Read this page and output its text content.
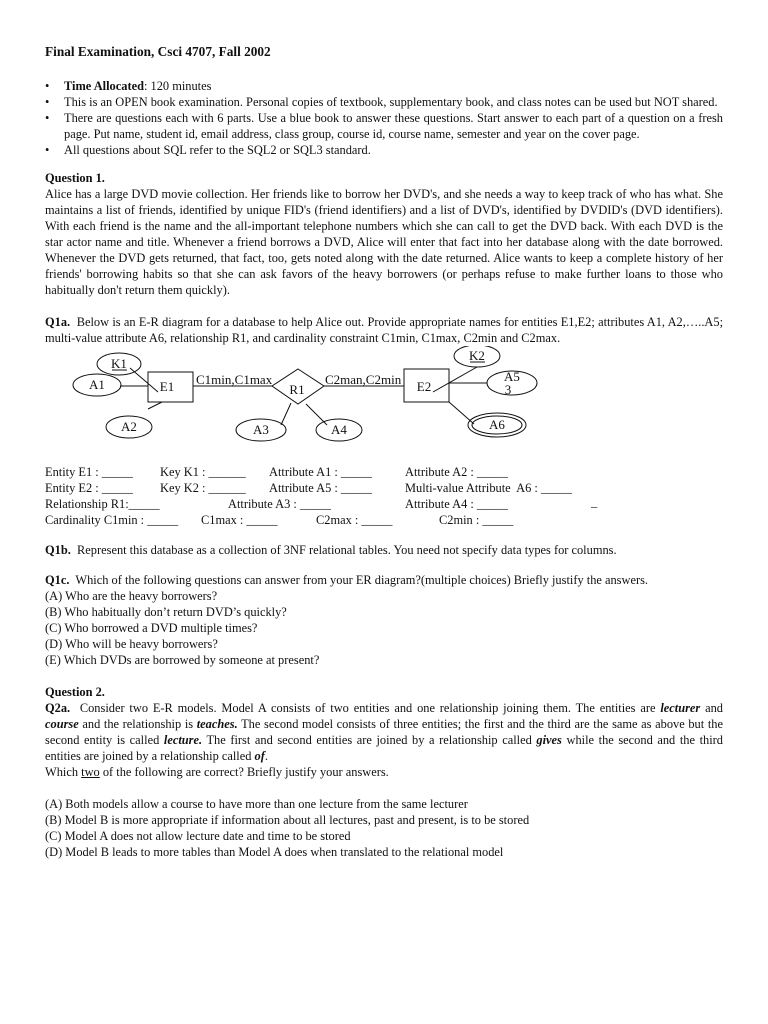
Final Examination, Csci 4707, Fall 2002
• Time Allocated: 120 minutes
• This is an OPEN book examination. Personal copies of textbook, supplementary book, and class notes can be used but NOT shared.
• There are questions each with 6 parts. Use a blue book to answer these questions. Start answer to each part of a question on a fresh page. Put name, student id, email address, class group, course id, course name, semester and year on the cover page.
• All questions about SQL refer to the SQL2 or SQL3 standard.
Question 1.

Alice has a large DVD movie collection. Her friends like to borrow her DVD's, and she needs a way to keep track of who has what. She maintains a list of friends, identified by unique FID's (friend identifiers) and a list of DVD's, identified by DVDID's (DVD identifiers). With each friend is the name and the all-important telephone numbers which she can call to get the DVD back. With each DVD is the star actor name and title. Whenever a friend borrows a DVD, Alice will enter that fact into her database along with the date borrowed. Whenever the DVD gets returned, that fact, too, gets noted along with the date returned. Alice wants to keep a complete history of her friends' borrowing habits so that she can ask favors of the heavy borrowers (or perhaps refuse to make further loans to those who habitually don't return them quickly).

Q1a. Below is an E-R diagram for a database to help Alice out. Provide appropriate names for entities E1,E2; attributes A1, A2,…..A5; multi-value attribute A6, relationship R1, and cardinality constraint C1min, C1max, C2min and C2max.

K1
A1
A2
E1 C1min,C1max
R1
C2man,C2min
A3	A4
E2
K2
A5
3
A6
Entity E1 : _____ Key K1 : ______ Attribute A1 : _____	Attribute A2 : _____
Entity E2 : _____ Key K2 : ______ Attribute A5 : _____	Multi-value Attribute  A6 : _____
Relationship R1:_____	Attribute A3 : _____	Attribute A4 : _____	_
Cardinality C1min : _____ C1max : _____	C2max : _____	C2min : _____

Q1b. Represent this database as a collection of 3NF relational tables. You need not specify data types for columns.

Q1c. Which of the following questions can answer from your ER diagram?(multiple choices) Briefly justify the answers.

(A) Who are the heavy borrowers?
(B) Who habitually don’t return DVD’s quickly?
(C) Who borrowed a DVD multiple times?
(D) Who will be heavy borrowers?
(E) Which DVDs are borrowed by someone at present?
Question 2.

Q2a. Consider two E-R models. Model A consists of two entities and one relationship joining them. The entities are lecturer and course and the relationship is teaches. The second model consists of three entities; the first and the third are the same as above but the second entity is called lecture. The first and second entities are joined by a relationship called gives while the second and the third entities are joined by a relationship called of.

Which two of the following are correct? Briefly justify your answers.
(A) Both models allow a course to have more than one lecture from the same lecturer
(B) Model B is more appropriate if information about all lectures, past and present, is to be stored
(C) Model A does not allow lecture date and time to be stored
(D) Model B leads to more tables than Model A does when translated to the relational model
